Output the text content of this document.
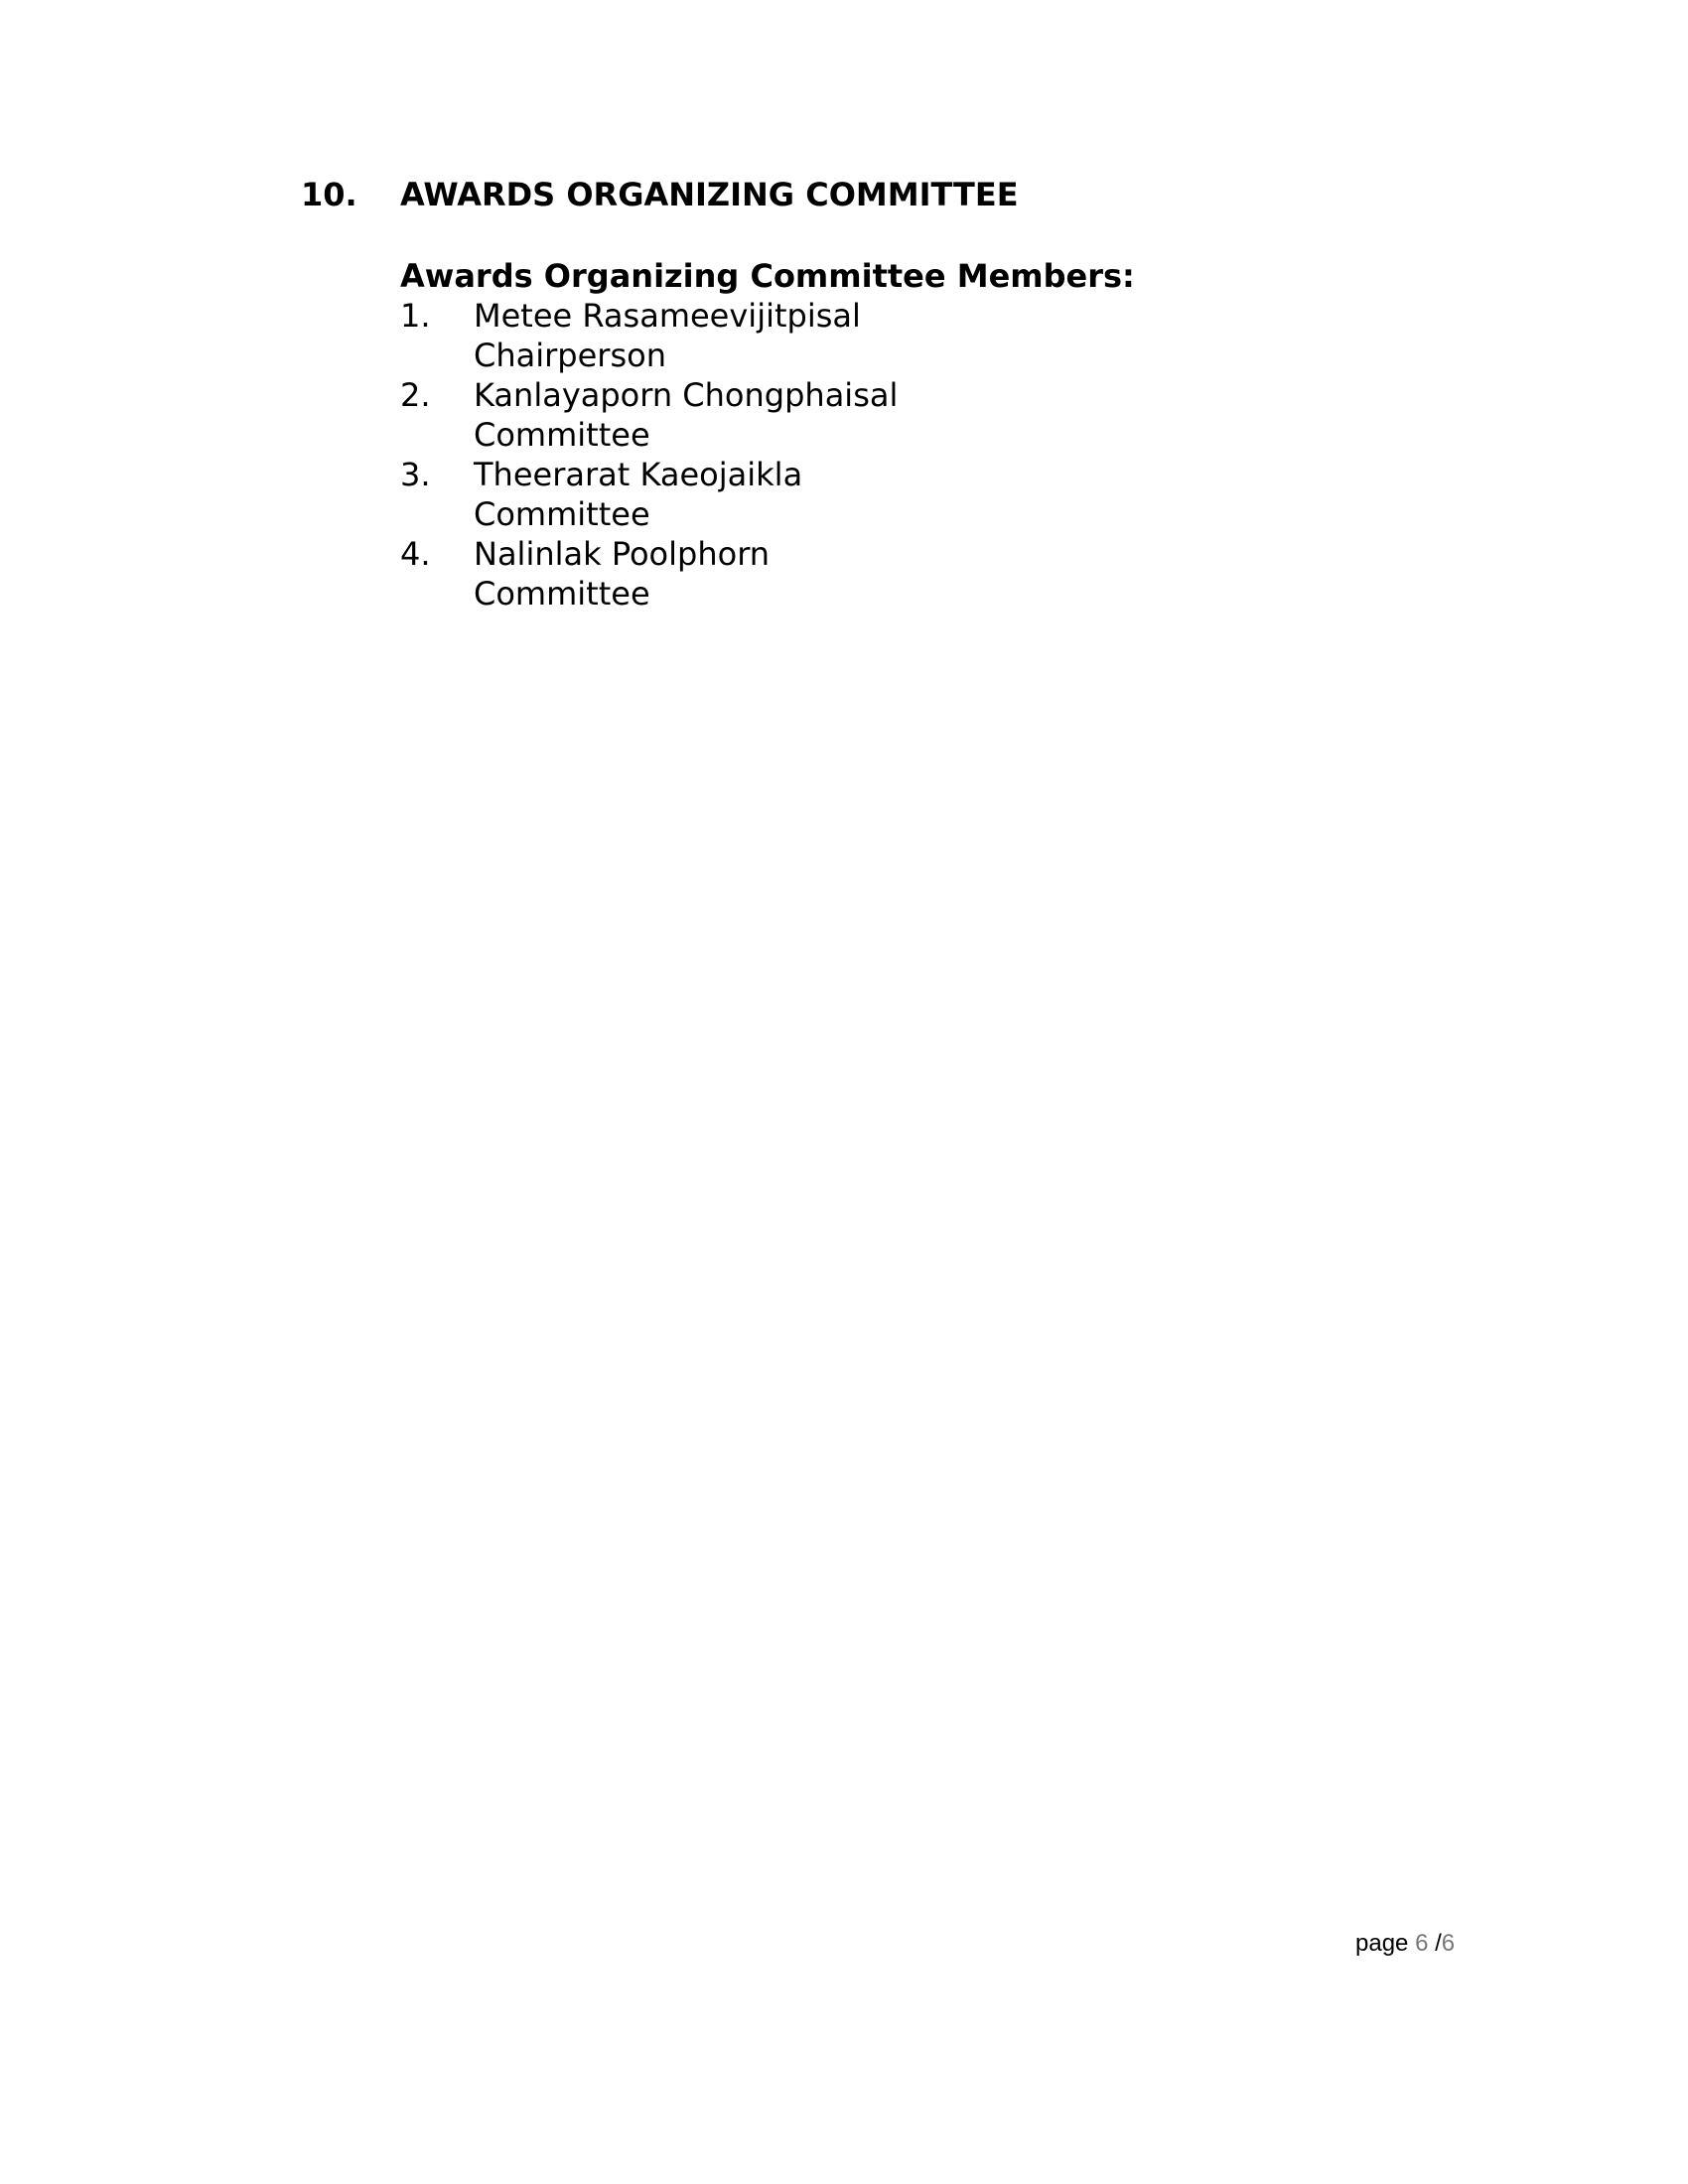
10. AWARDS ORGANIZING COMMITTEE
Awards Organizing Committee Members:
1. Metee Rasameevijitpisal
Chairperson
2. Kanlayaporn Chongphaisal
Committee
3. Theerarat Kaeojaikla
Committee
4. Nalinlak Poolphorn
Committee
page 6 /6
